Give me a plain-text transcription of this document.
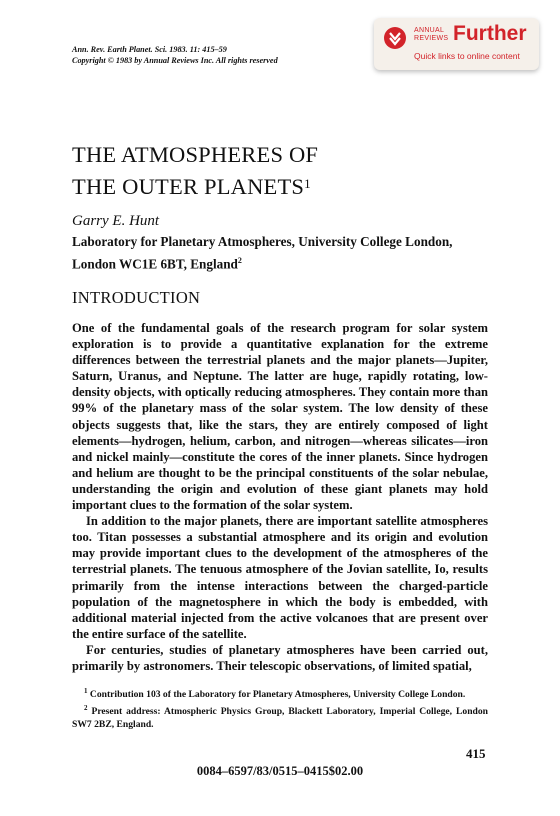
Ann. Rev. Earth Planet. Sci. 1983. 11: 415–59
Copyright © 1983 by Annual Reviews Inc. All rights reserved
ANNUAL
REVIEWS Further
Quick links to online content
THE ATMOSPHERES OF
THE OUTER PLANETS$^1$
Garry E. Hunt
Laboratory for Planetary Atmospheres, University College London,
London WC1E 6BT, England$^2$
INTRODUCTION

One of the fundamental goals of the research program for solar system exploration is to provide a quantitative explanation for the extreme differences between the terrestrial planets and the major planets—Jupiter, Saturn, Uranus, and Neptune. The latter are huge, rapidly rotating, low-density objects, with optically reducing atmospheres. They contain more than 99% of the planetary mass of the solar system. The low density of these objects suggests that, like the stars, they are entirely composed of light elements—hydrogen, helium, carbon, and nitrogen—whereas silicates—iron and nickel mainly—constitute the cores of the inner planets. Since hydrogen and helium are thought to be the principal constituents of the solar nebulae, understanding the origin and evolution of these giant planets may hold important clues to the formation of the solar system.

In addition to the major planets, there are important satellite atmospheres too. Titan possesses a substantial atmosphere and its origin and evolution may provide important clues to the development of the atmospheres of the terrestrial planets. The tenuous atmosphere of the Jovian satellite, Io, results primarily from the intense interactions between the charged-particle population of the magnetosphere in which the body is embedded, with additional material injected from the active volcanoes that are present over the entire surface of the satellite.

For centuries, studies of planetary atmospheres have been carried out, primarily by astronomers. Their telescopic observations, of limited spatial,

$^1$ Contribution 103 of the Laboratory for Planetary Atmospheres, University College London.
$^2$ Present address: Atmospheric Physics Group, Blackett Laboratory, Imperial College, London SW7 2BZ, England.
415
0084–6597/83/0515–0415$02.00
